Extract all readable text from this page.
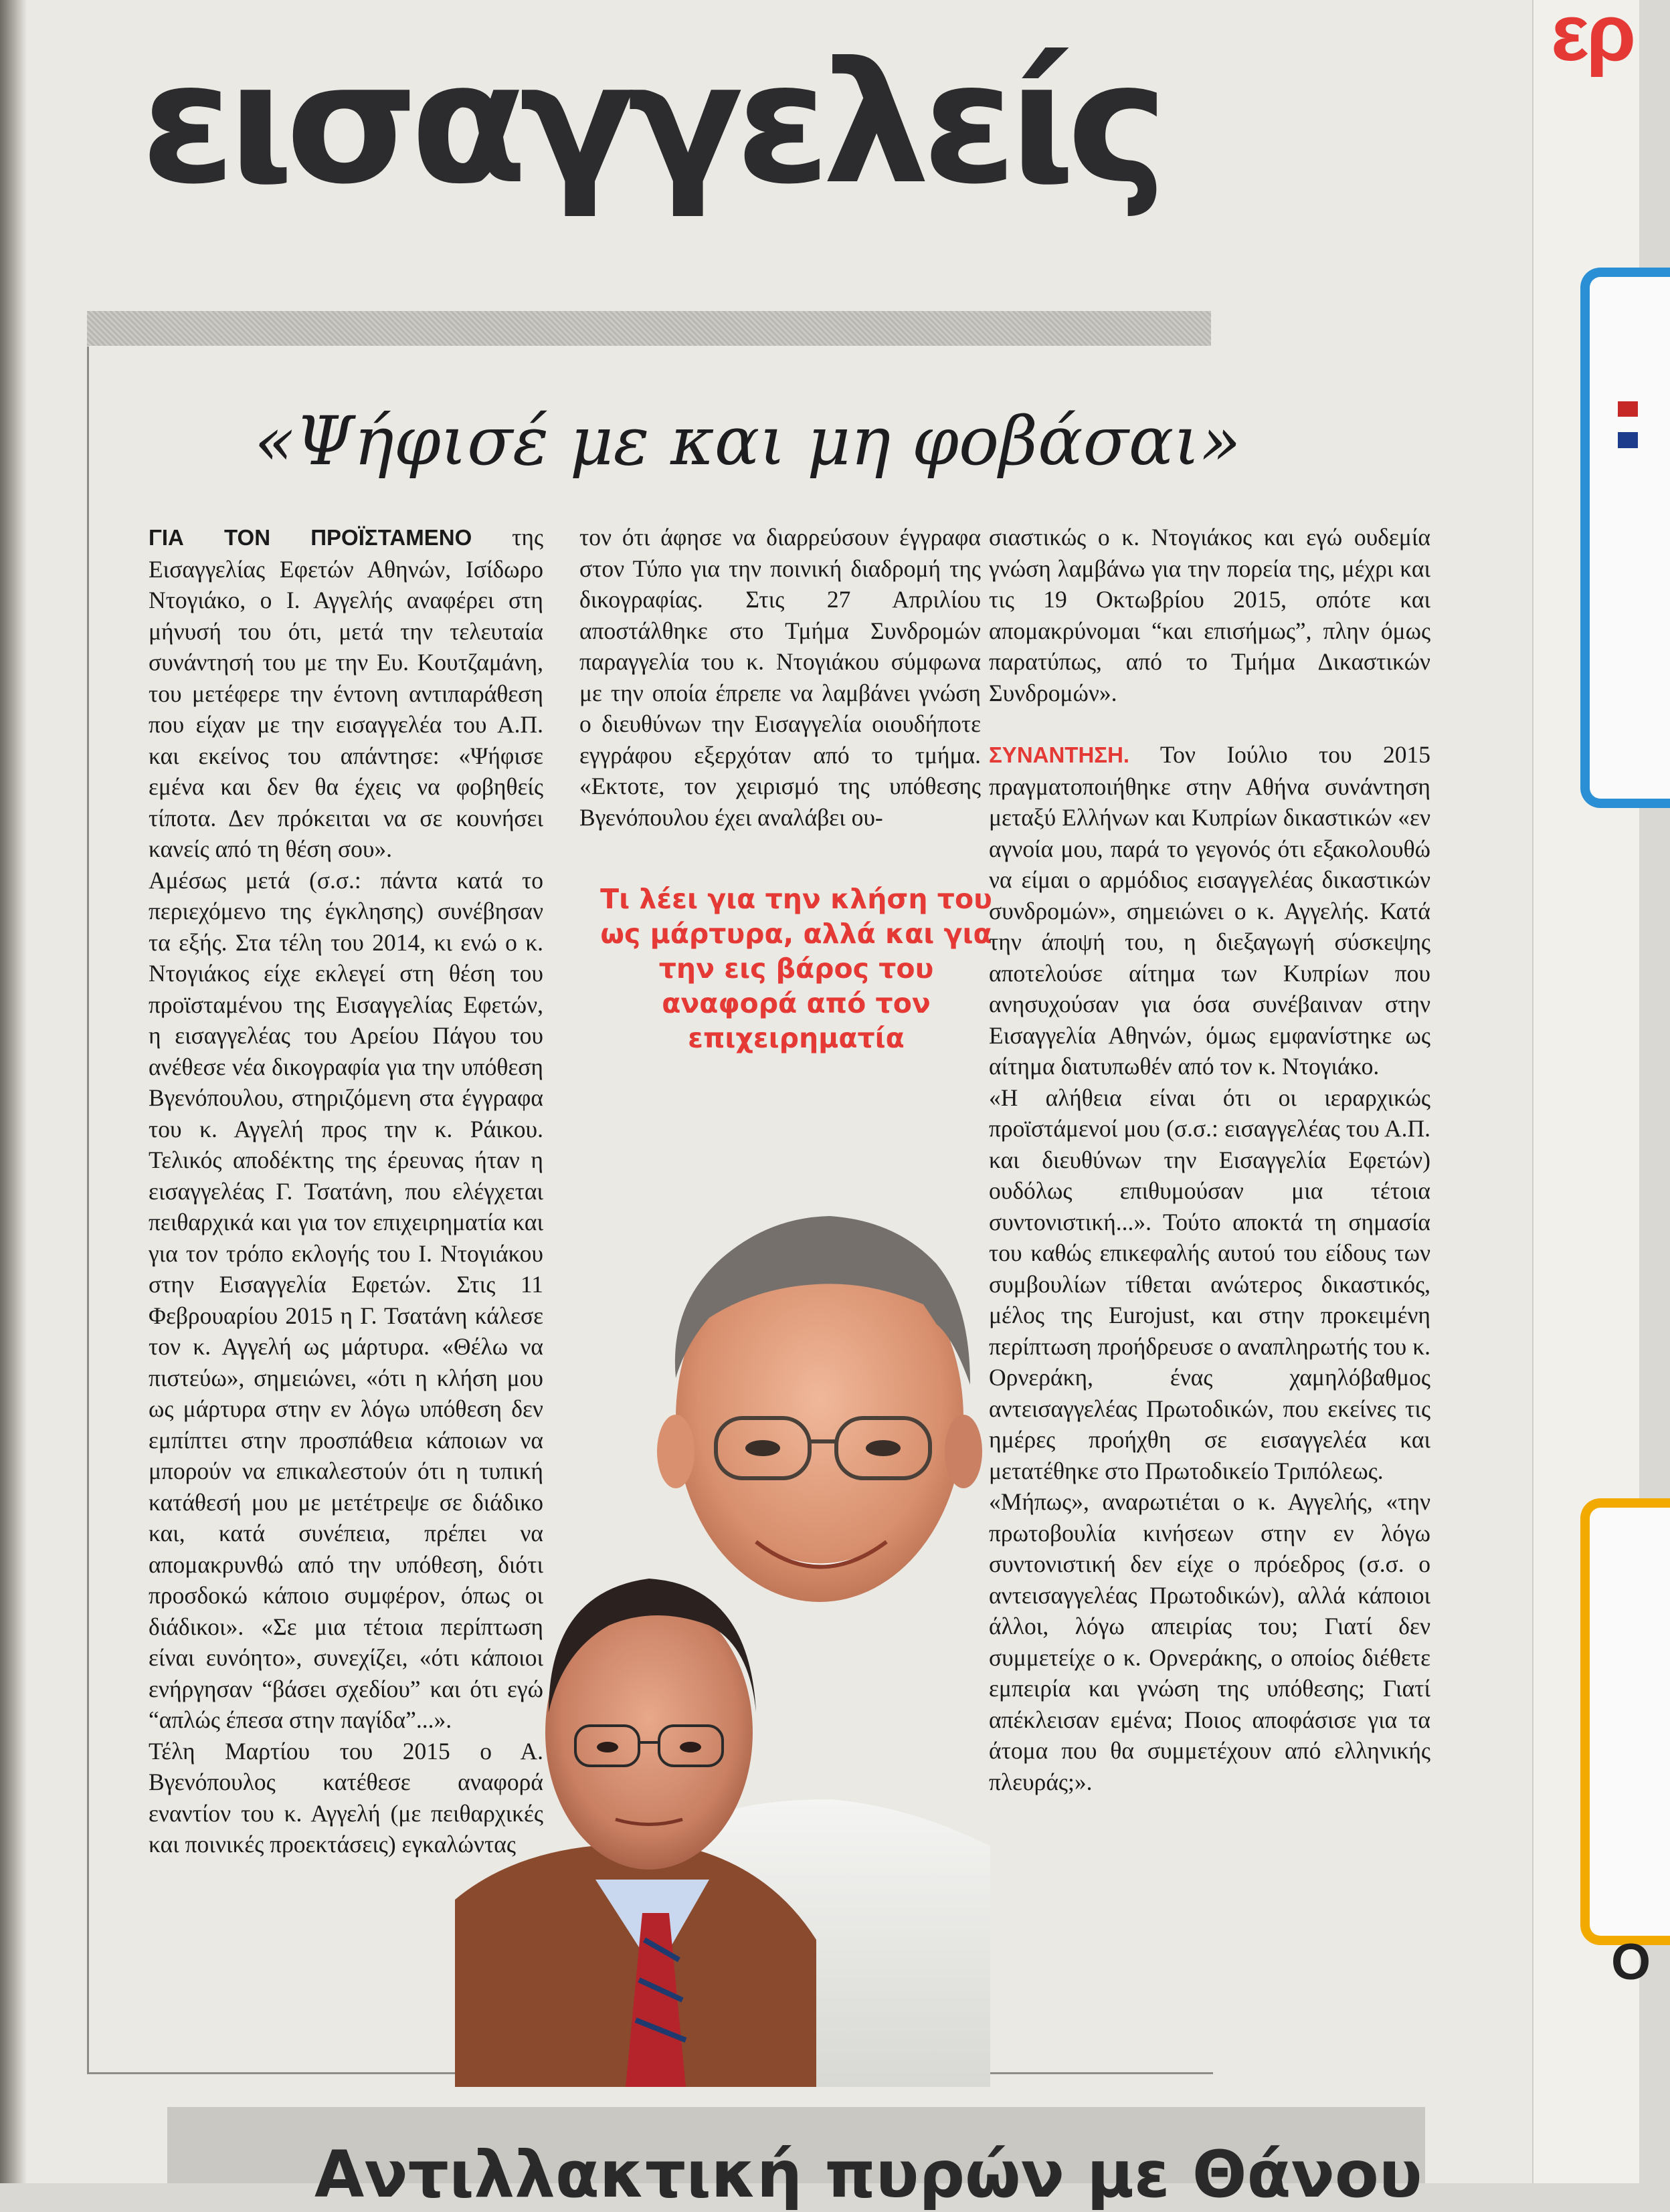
ερ
Ο
εισαγγελείς
«Ψήφισέ με και μη φοβάσαι»

ΓΙΑ ΤΟΝ ΠΡΟΪΣΤΑΜΕΝΟ της Εισαγγελίας Εφετών Αθηνών, Ισίδωρο Ντογιάκο, ο Ι. Αγγελής αναφέρει στη μήνυσή του ότι, μετά την τελευταία συνάντησή του με την Ευ. Κουτζαμάνη, του μετέφερε την έντονη αντιπαράθεση που είχαν με την εισαγγελέα του Α.Π. και εκείνος του απάντησε: «Ψήφισε εμένα και δεν θα έχεις να φοβηθείς τίποτα. Δεν πρόκειται να σε κουνήσει κανείς από τη θέση σου».

Αμέσως μετά (σ.σ.: πάντα κατά το περιεχόμενο της έγκλησης) συνέβησαν τα εξής. Στα τέλη του 2014, κι ενώ ο κ. Ντογιάκος είχε εκλεγεί στη θέση του προϊσταμένου της Εισαγγελίας Εφετών, η εισαγγελέας του Αρείου Πάγου του ανέθεσε νέα δικογραφία για την υπόθεση Βγενόπουλου, στηριζόμενη στα έγγραφα του κ. Αγγελή προς την κ. Ράικου. Τελικός αποδέκτης της έρευνας ήταν η εισαγγελέας Γ. Τσατάνη, που ελέγχεται πειθαρχικά και για τον επιχειρηματία και για τον τρόπο εκλογής του Ι. Ντογιάκου στην Εισαγγελία Εφετών. Στις 11 Φεβρουαρίου 2015 η Γ. Τσατάνη κάλεσε τον κ. Αγγελή ως μάρτυρα. «Θέλω να πιστεύω», σημειώνει, «ότι η κλήση μου ως μάρτυρα στην εν λόγω υπόθεση δεν εμπίπτει στην προσπάθεια κάποιων να μπορούν να επικαλεστούν ότι η τυπική κατάθεσή μου με μετέτρεψε σε διάδικο και, κατά συνέπεια, πρέπει να απομακρυνθώ από την υπόθεση, διότι προσδοκώ κάποιο συμφέρον, όπως οι διάδικοι». «Σε μια τέτοια περίπτωση είναι ευνόητο», συνεχίζει, «ότι κάποιοι ενήργησαν “βάσει σχεδίου” και ότι εγώ “απλώς έπεσα στην παγίδα”...».

Τέλη Μαρτίου του 2015 ο Α. Βγενόπουλος κατέθεσε αναφορά εναντίον του κ. Αγγελή (με πειθαρχικές και ποινικές προεκτάσεις) εγκαλώντας

τον ότι άφησε να διαρρεύσουν έγγραφα στον Τύπο για την ποινική διαδρομή της δικογραφίας. Στις 27 Απριλίου αποστάλθηκε στο Τμήμα Συνδρομών παραγγελία του κ. Ντογιάκου σύμφωνα με την οποία έπρεπε να λαμβάνει γνώση ο διευθύνων την Εισαγγελία οιουδήποτε εγγράφου εξερχόταν από το τμήμα. «Εκτοτε, τον χειρισμό της υπόθεσης Βγενόπουλου έχει αναλάβει ου-

Τι λέει για την κλήση του ως μάρτυρα, αλλά και για την εις βάρος του αναφορά από τον επιχειρηματία

σιαστικώς ο κ. Ντογιάκος και εγώ ουδεμία γνώση λαμβάνω για την πορεία της, μέχρι και τις 19 Οκτωβρίου 2015, οπότε και απομακρύνομαι “και επισήμως”, πλην όμως παρατύπως, από το Τμήμα Δικαστικών Συνδρομών».

ΣΥΝΑΝΤΗΣΗ. Τον Ιούλιο του 2015 πραγματοποιήθηκε στην Αθήνα συνάντηση μεταξύ Ελλήνων και Κυπρίων δικαστικών «εν αγνοία μου, παρά το γεγονός ότι εξακολουθώ να είμαι ο αρμόδιος εισαγγελέας δικαστικών συνδρομών», σημειώνει ο κ. Αγγελής. Κατά την άποψή του, η διεξαγωγή σύσκεψης αποτελούσε αίτημα των Κυπρίων που ανησυχούσαν για όσα συνέβαιναν στην Εισαγγελία Αθηνών, όμως εμφανίστηκε ως αίτημα διατυπωθέν από τον κ. Ντογιάκο.

«Η αλήθεια είναι ότι οι ιεραρχικώς προϊστάμενοί μου (σ.σ.: εισαγγελέας του Α.Π. και διευθύνων την Εισαγγελία Εφετών) ουδόλως επιθυμούσαν μια τέτοια συντονιστική...». Τούτο αποκτά τη σημασία του καθώς επικεφαλής αυτού του είδους των συμβουλίων τίθεται ανώτερος δικαστικός, μέλος της Eurojust, και στην προκειμένη περίπτωση προήδρευσε ο αναπληρωτής του κ. Ορνεράκη, ένας χαμηλόβαθμος αντεισαγγελέας Πρωτοδικών, που εκείνες τις ημέρες προήχθη σε εισαγγελέα και μετατέθηκε στο Πρωτοδικείο Τριπόλεως.

«Μήπως», αναρωτιέται ο κ. Αγγελής, «την πρωτοβουλία κινήσεων στην εν λόγω συντονιστική δεν είχε ο πρόεδρος (σ.σ. ο αντεισαγγελέας Πρωτοδικών), αλλά κάποιοι άλλοι, λόγω απειρίας του; Γιατί δεν συμμετείχε ο κ. Ορνεράκης, ο οποίος διέθετε εμπειρία και γνώση της υπόθεσης; Γιατί απέκλεισαν εμένα; Ποιος αποφάσισε για τα άτομα που θα συμμετέχουν από ελληνικής πλευράς;».

Αντιλλακτική πυρών με Θάνου
